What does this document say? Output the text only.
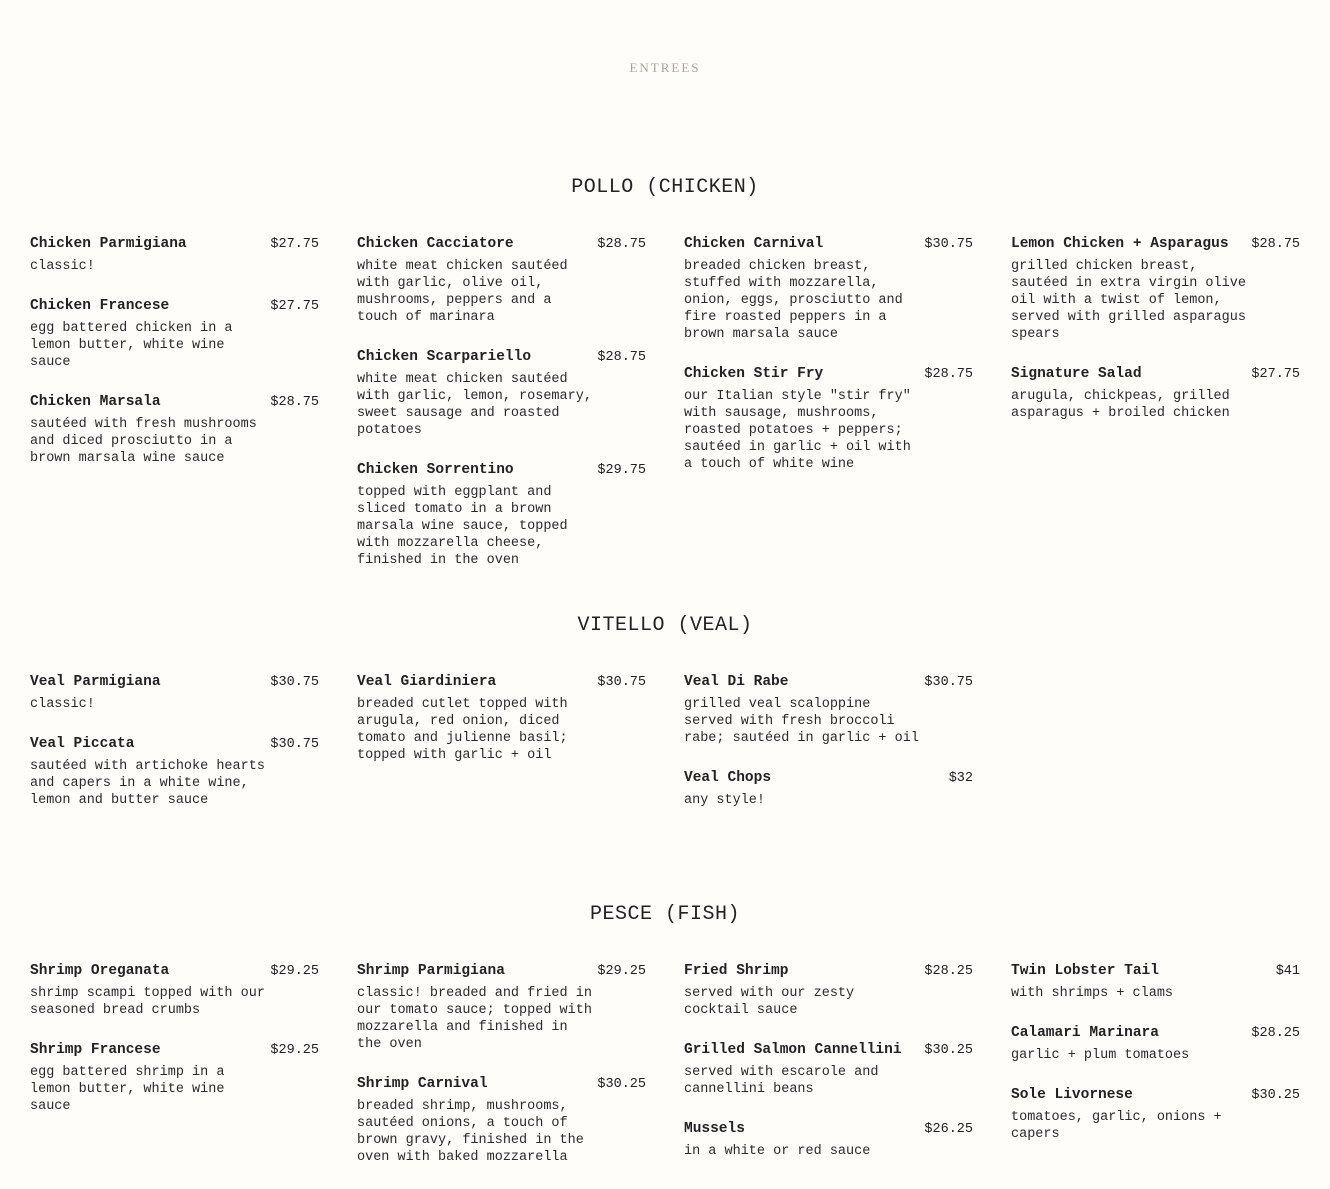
ENTREES
POLLO (CHICKEN)
Chicken Parmigiana	$27.75
classic!
Chicken Francese	$27.75
egg battered chicken in a lemon butter, white wine sauce
Chicken Marsala	$28.75
sautéed with fresh mushrooms and diced prosciutto in a brown marsala wine sauce
Chicken Cacciatore	$28.75
white meat chicken sautéed with garlic, olive oil, mushrooms, peppers and a touch of marinara
Chicken Scarpariello	$28.75
white meat chicken sautéed with garlic, lemon, rosemary, sweet sausage and roasted potatoes
Chicken Sorrentino	$29.75
topped with eggplant and sliced tomato in a brown marsala wine sauce, topped with mozzarella cheese, finished in the oven
Chicken Carnival	$30.75
breaded chicken breast, stuffed with mozzarella, onion, eggs, prosciutto and fire roasted peppers in a brown marsala sauce
Chicken Stir Fry	$28.75
our Italian style "stir fry" with sausage, mushrooms, roasted potatoes + peppers; sautéed in garlic + oil with a touch of white wine
Lemon Chicken + Asparagus $28.75
grilled chicken breast, sautéed in extra virgin olive oil with a twist of lemon, served with grilled asparagus spears
Signature Salad	$27.75
arugula, chickpeas, grilled asparagus + broiled chicken
VITELLO (VEAL)
Veal Parmigiana	$30.75
classic!
Veal Piccata	$30.75
sautéed with artichoke hearts and capers in a white wine, lemon and butter sauce
Veal Giardiniera	$30.75
breaded cutlet topped with arugula, red onion, diced tomato and julienne basil; topped with garlic + oil
Veal Di Rabe	$30.75
grilled veal scaloppine served with fresh broccoli rabe; sautéed in garlic + oil
Veal Chops	$32
any style!
PESCE (FISH)
Shrimp Oreganata	$29.25
shrimp scampi topped with our seasoned bread crumbs
Shrimp Francese	$29.25
egg battered shrimp in a lemon butter, white wine sauce
Shrimp Parmigiana	$29.25
classic! breaded and fried in our tomato sauce; topped with mozzarella and finished in the oven
Shrimp Carnival	$30.25
breaded shrimp, mushrooms, sautéed onions, a touch of brown gravy, finished in the oven with baked mozzarella
Fried Shrimp	$28.25
served with our zesty cocktail sauce
Grilled Salmon Cannellini $30.25
served with escarole and cannellini beans
Mussels	$26.25
in a white or red sauce
Twin Lobster Tail	$41
with shrimps + clams
Calamari Marinara	$28.25
garlic + plum tomatoes
Sole Livornese	$30.25
tomatoes, garlic, onions + capers
